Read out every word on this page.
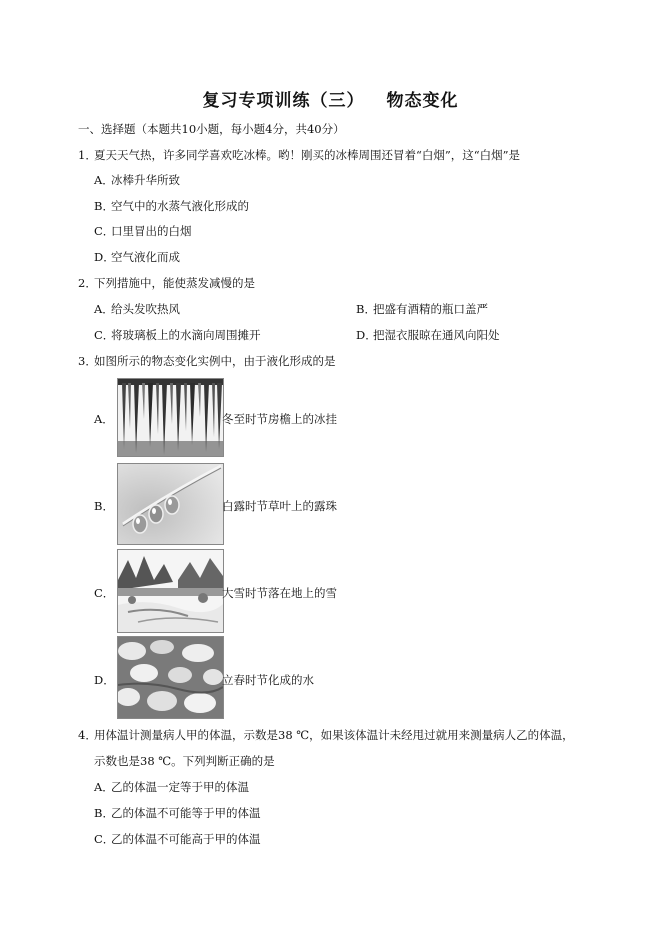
复习专项训练（三） 物态变化
一、选择题（本题共10小题，每小题4分，共40分）
1．
夏天天气热，许多同学喜欢吃冰棒。哟！刚买的冰棒周围还冒着“白烟”，这“白烟”是
A．冰棒升华所致
B．空气中的水蒸气液化形成的
C．口里冒出的白烟
D．空气液化而成
2．
下列措施中，能使蒸发减慢的是
A．给头发吹热风	B．把盛有酒精的瓶口盖严
C．将玻璃板上的水滴向周围摊开	D．把湿衣服晾在通风向阳处
3．
如图所示的物态变化实例中，由于液化形成的是
A．	冬至时节房檐上的冰挂
B．	白露时节草叶上的露珠
C．	大雪时节落在地上的雪
D．	立春时节化成的水
4．
用体温计测量病人甲的体温，示数是38 ℃，如果该体温计未经甩过就用来测量病人乙的体温，
示数也是38 ℃。下列判断正确的是
A．乙的体温一定等于甲的体温
B．乙的体温不可能等于甲的体温
C．乙的体温不可能高于甲的体温
